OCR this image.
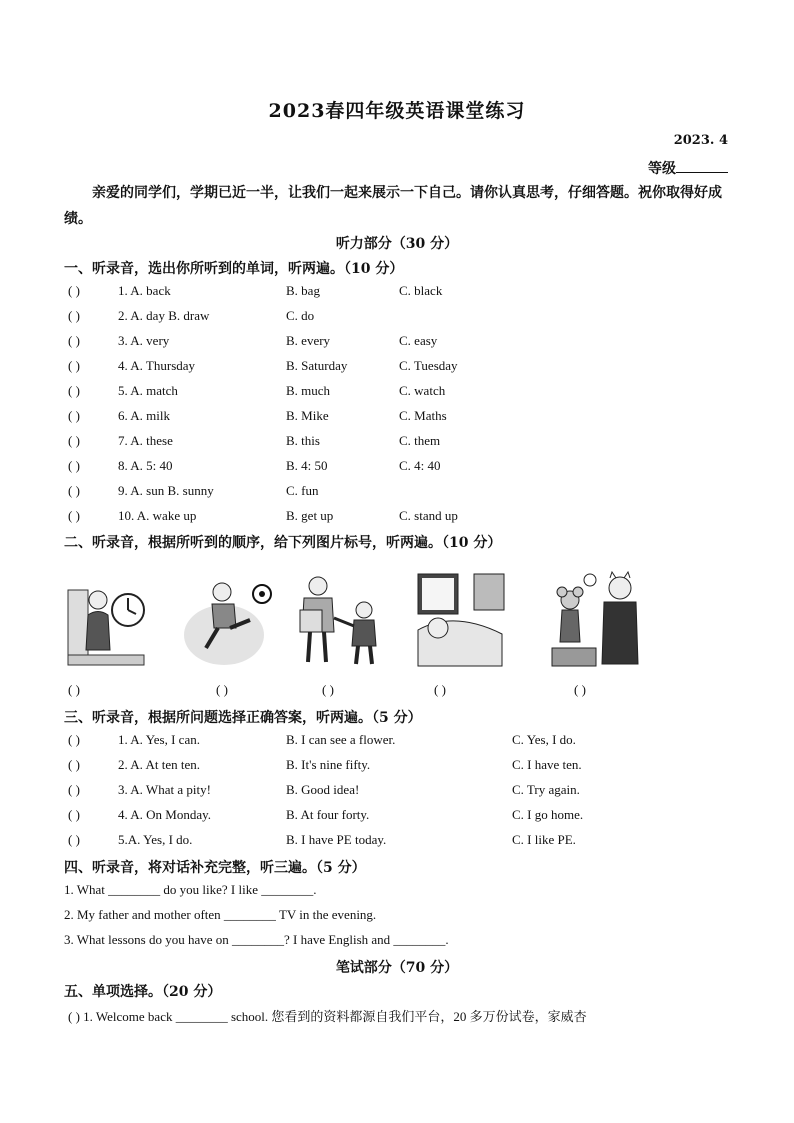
2023春四年级英语课堂练习
2023. 4
等级
亲爱的同学们，学期已近一半，让我们一起来展示一下自己。请你认真思考，仔细答题。祝你取得好成绩。
听力部分（30 分）
一、听录音，选出你所听到的单词，听两遍。（10 分）
( )	1. A. back	B. bag	C. black
( )	2. A. day B. draw	C. do
( )	3. A. very	B. every	C. easy
( )	4. A. Thursday	B. Saturday	C. Tuesday
( )	5. A. match	B. much	C. watch
( )	6. A. milk	B. Mike	C. Maths
( )	7. A. these	B. this	C. them
( )	8. A. 5: 40	B. 4: 50	C. 4: 40
( )	9. A. sun B. sunny	C. fun
( )	10. A. wake up	B. get up	C. stand up
二、听录音，根据所听到的顺序，给下列图片标号，听两遍。（10 分）
( )	( )	( )	( )	( )
三、听录音，根据所问题选择正确答案，听两遍。（5 分）
( )	1. A. Yes, I can.	B. I can see a flower.	C. Yes, I do.
( )	2. A. At ten ten.	B. It's nine fifty.	C. I have ten.
( )	3. A. What a pity!	B. Good idea!	C. Try again.
( )	4. A. On Monday.	B. At four forty.	C. I go home.
( )	5.A. Yes, I do.	B. I have PE today.	C. I like PE.
四、听录音，将对话补充完整，听三遍。（5 分）
1. What ________ do you like? I like ________.
2. My father and mother often ________ TV in the evening.
3. What lessons do you have on ________? I have English and ________.
笔试部分（70 分）
五、单项选择。（20 分）
( ) 1. Welcome back ________ school. 您看到的资料都源自我们平台，20 多万份试卷，家威杏
